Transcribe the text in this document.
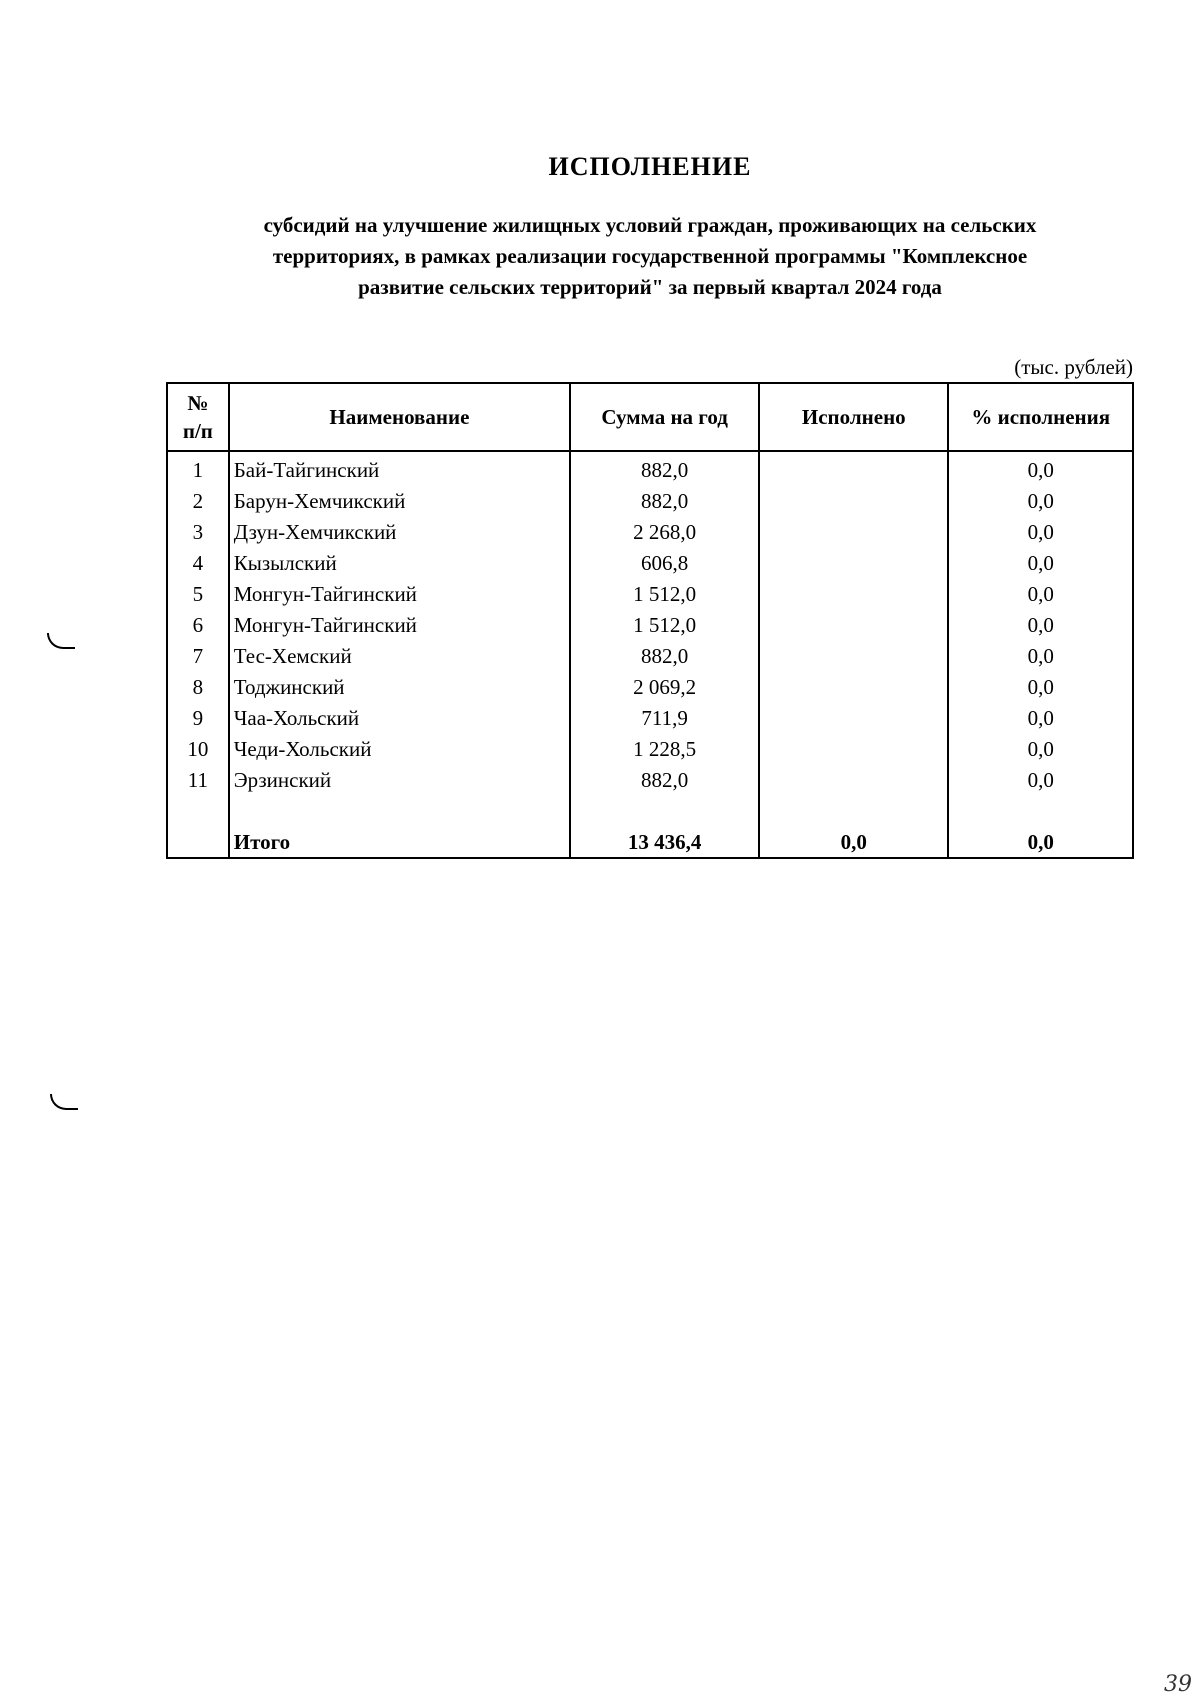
ИСПОЛНЕНИЕ
субсидий на улучшение жилищных условий граждан, проживающих на сельских
территориях, в рамках реализации государственной программы "Комплексное
развитие сельских территорий" за первый квартал 2024 года
(тыс. рублей)
№
п/п	Наименование	Сумма на год	Исполнено	% исполнения
1	Бай-Тайгинский	882,0		0,0
2	Барун-Хемчикский	882,0		0,0
3	Дзун-Хемчикский	2 268,0		0,0
4	Кызылский	606,8		0,0
5	Монгун-Тайгинский	1 512,0		0,0
6	Монгун-Тайгинский	1 512,0		0,0
7	Тес-Хемский	882,0		0,0
8	Тоджинский	2 069,2		0,0
9	Чаа-Хольский	711,9		0,0
10	Чеди-Хольский	1 228,5		0,0
11	Эрзинский	882,0		0,0

	Итого	13 436,4	0,0	0,0
39
